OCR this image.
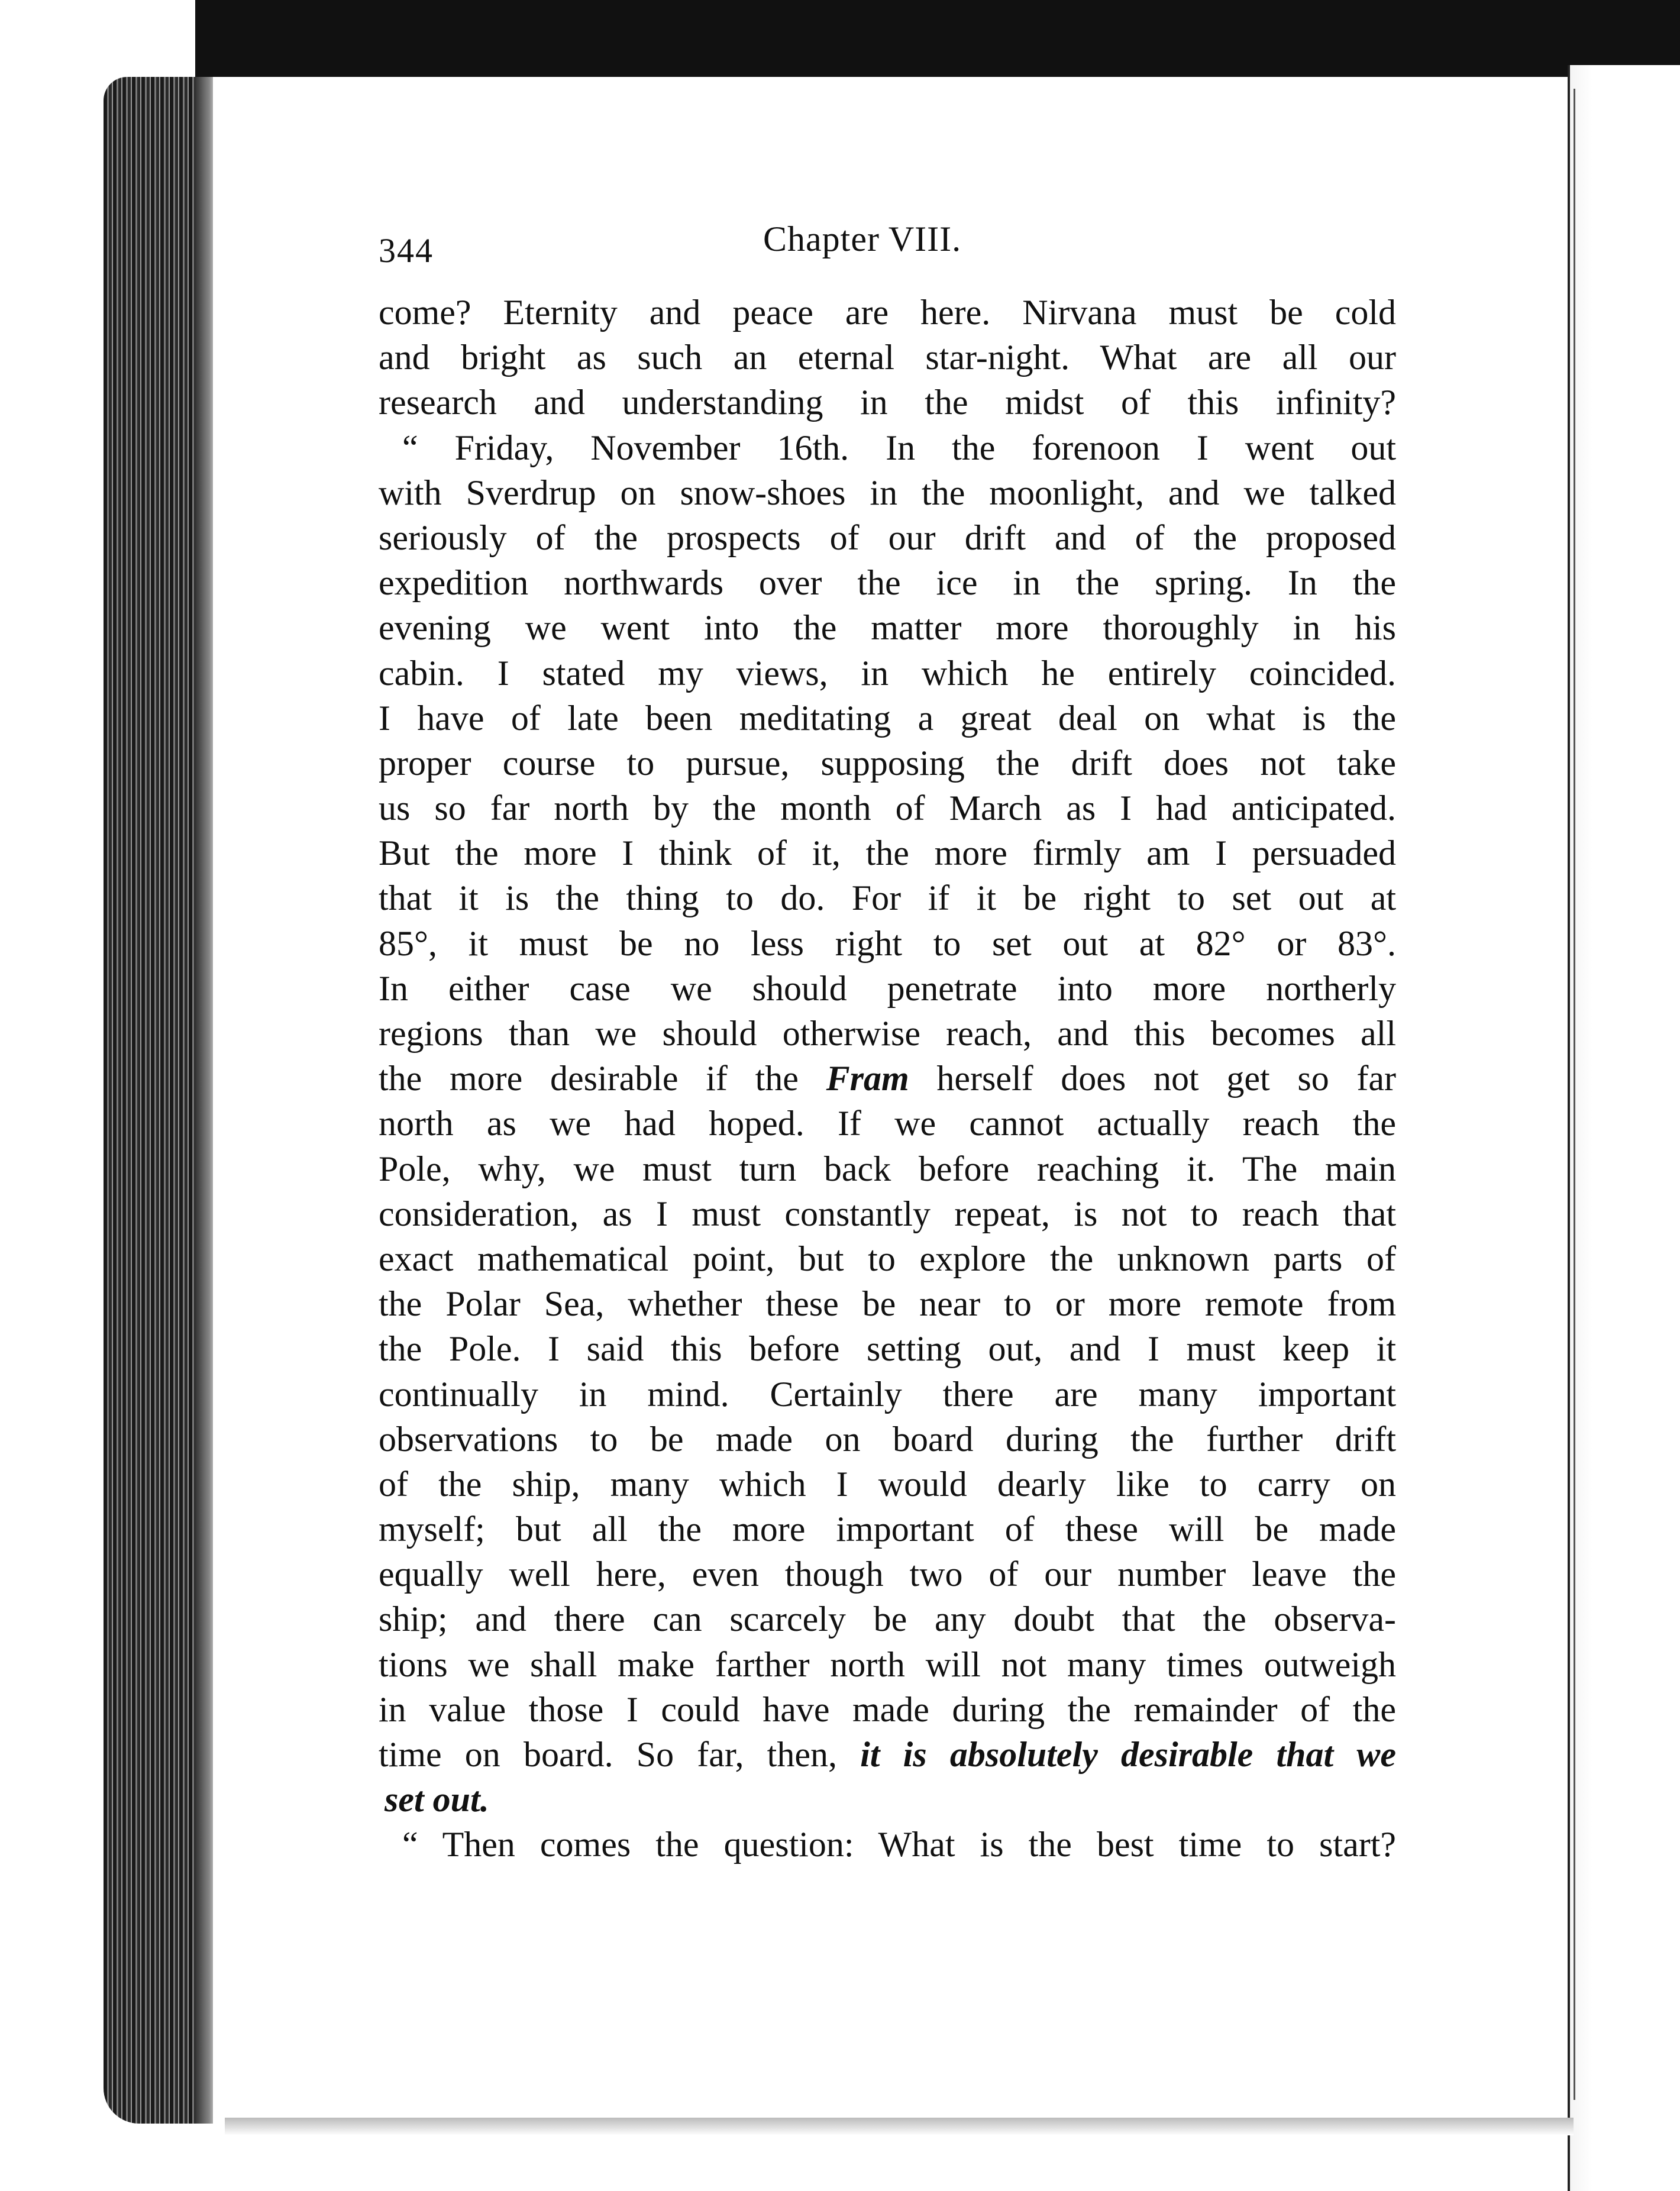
344	Chapter VIII.
come? Eternity and peace are here. Nirvana must be cold
and bright as such an eternal star-night. What are all our
research and understanding in the midst of this infinity?
“ Friday, November 16th. In the forenoon I went out
with Sverdrup on snow-shoes in the moonlight, and we talked
seriously of the prospects of our drift and of the proposed
expedition northwards over the ice in the spring. In the
evening we went into the matter more thoroughly in his
cabin. I stated my views, in which he entirely coincided.
I have of late been meditating a great deal on what is the
proper course to pursue, supposing the drift does not take
us so far north by the month of March as I had anticipated.
But the more I think of it, the more firmly am I persuaded
that it is the thing to do. For if it be right to set out at
85°, it must be no less right to set out at 82° or 83°.
In either case we should penetrate into more northerly
regions than we should otherwise reach, and this becomes all
the more desirable if the Fram herself does not get so far
north as we had hoped. If we cannot actually reach the
Pole, why, we must turn back before reaching it. The main
consideration, as I must constantly repeat, is not to reach that
exact mathematical point, but to explore the unknown parts of
the Polar Sea, whether these be near to or more remote from
the Pole. I said this before setting out, and I must keep it
continually in mind. Certainly there are many important
observations to be made on board during the further drift
of the ship, many which I would dearly like to carry on
myself; but all the more important of these will be made
equally well here, even though two of our number leave the
ship; and there can scarcely be any doubt that the observa-
tions we shall make farther north will not many times outweigh
in value those I could have made during the remainder of the
time on board. So far, then, it is absolutely desirable that we
set out.
“ Then comes the question: What is the best time to start?
